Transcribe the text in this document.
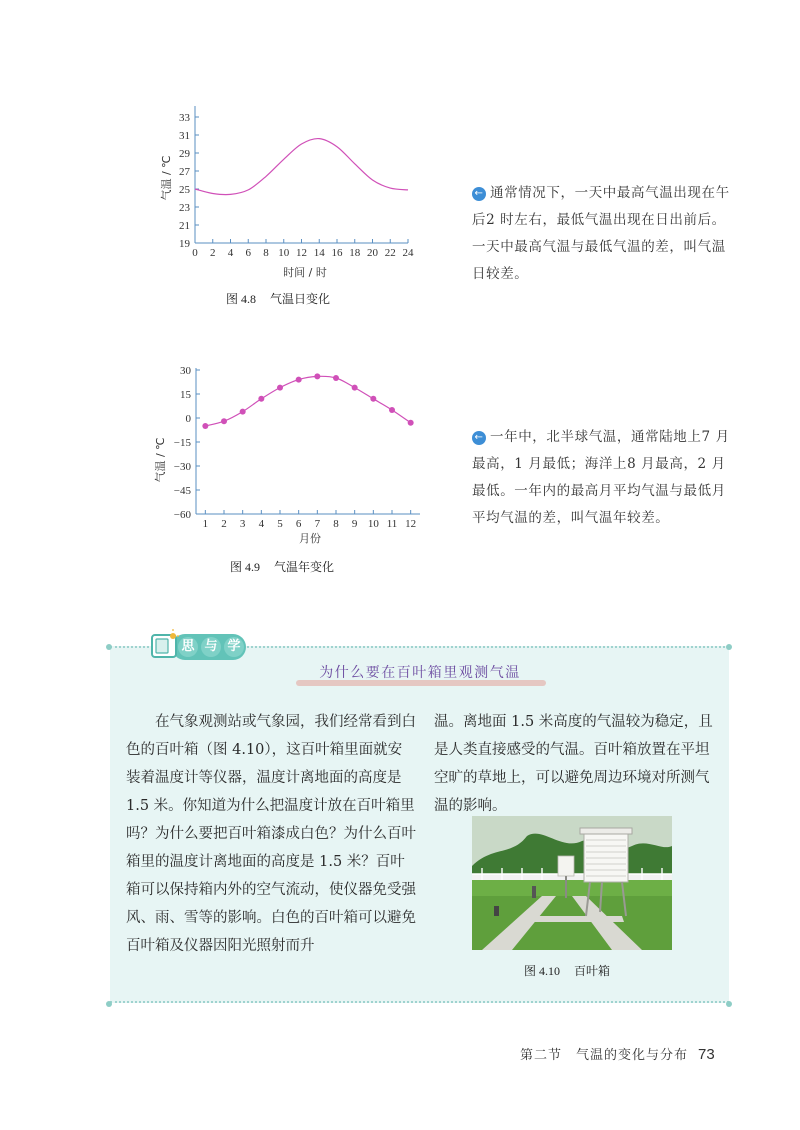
19
21
23
25
27
29
31
33
0 2 4 6 8 10 12 14 16 18 20 22 24
气温 / ℃
时间 / 时
图 4.8 气温日变化
← 通常情况下，一天中最高气温出现在午后2 时左右，最低气温出现在日出前后。一天中最高气温与最低气温的差，叫气温日较差。
30
15
0
−15
−30
−45
−60
1 2 3 4 5 6 7 8 9 10 11 12
气温 / ℃
月份
图 4.9 气温年变化
← 一年中，北半球气温，通常陆地上7 月最高，1 月最低；海洋上8 月最高，2 月最低。一年内的最高月平均气温与最低月平均气温的差，叫气温年较差。
思 与 学
为什么要在百叶箱里观测气温
在气象观测站或气象园，我们经常看到白色的百叶箱（图 4.10），这百叶箱里面就安装着温度计等仪器，温度计离地面的高度是 1.5 米。你知道为什么把温度计放在百叶箱里吗？为什么要把百叶箱漆成白色？为什么百叶箱里的温度计离地面的高度是 1.5 米？百叶箱可以保持箱内外的空气流动，使仪器免受强风、雨、雪等的影响。白色的百叶箱可以避免百叶箱及仪器因阳光照射而升
温。离地面 1.5 米高度的气温较为稳定，且是人类直接感受的气温。百叶箱放置在平坦空旷的草地上，可以避免周边环境对所测气温的影响。
图 4.10 百叶箱
第二节　气温的变化与分布 73
